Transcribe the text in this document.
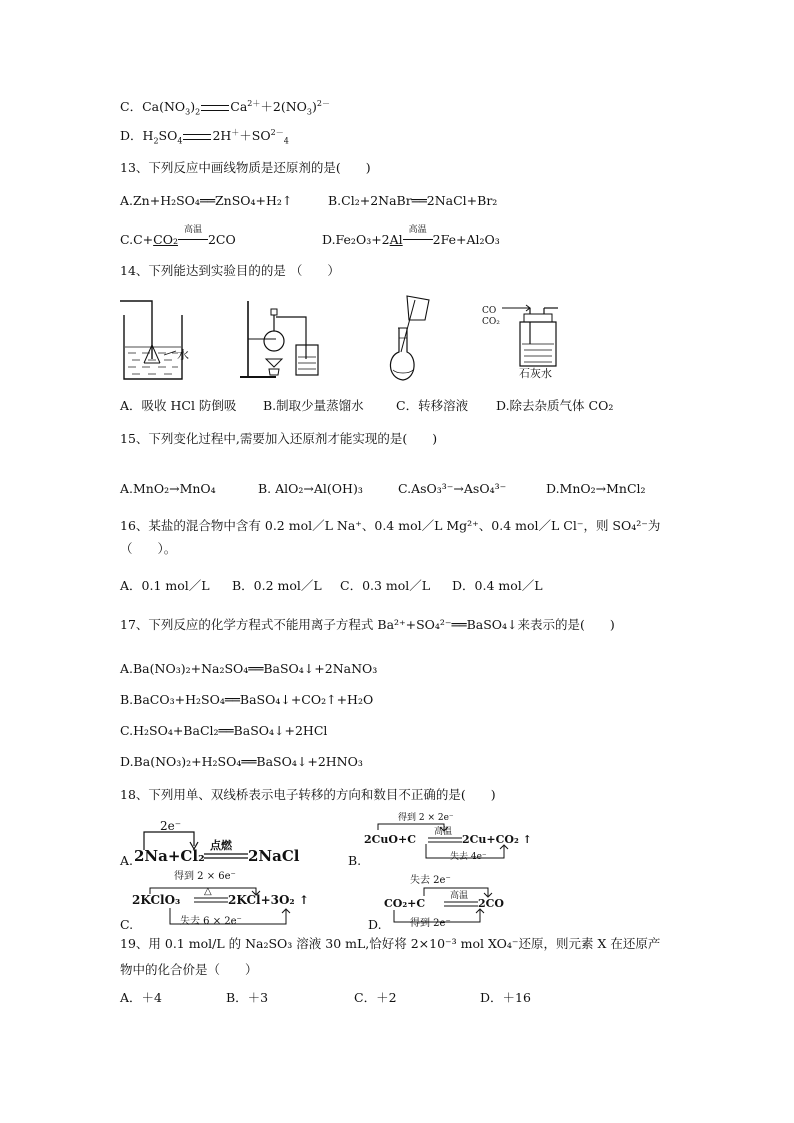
C．$Ca(NO_3)_2$ $Ca^{2+}+2(NO_3)^{2-}$
D．$H_2SO_4$ $2H^++SO^{2-}_4$
13、下列反应中画线物质是还原剂的是(　　)
A.Zn+H₂SO₄══ZnSO₄+H₂↑	B.Cl₂+2NaBr══2NaCl+Br₂
C.C+CO₂
高温
2CO	D.Fe₂O₃+2Al
高温
2Fe+Al₂O₃
14、下列能达到实验目的的是 （　　）
水
CO
CO₂
石灰水
A．吸收 HCl 防倒吸 B.制取少量蒸馏水	C．转移溶液 D.除去杂质气体 CO₂
15、下列变化过程中,需要加入还原剂才能实现的是(　　)
A.MnO₂→MnO₄	B. AlO₂→Al(OH)₃	C.AsO₃³⁻→AsO₄³⁻	D.MnO₂→MnCl₂
16、某盐的混合物中含有 0.2 mol／L Na⁺、0.4 mol／L Mg²⁺、0.4 mol／L Cl⁻，则 SO₄²⁻为
（　　）。
A．0.1 mol／L B．0.2 mol／L C．0.3 mol／L D．0.4 mol／L
17、下列反应的化学方程式不能用离子方程式 Ba²⁺+SO₄²⁻══BaSO₄↓来表示的是(　　)
A.Ba(NO₃)₂+Na₂SO₄══BaSO₄↓+2NaNO₃
B.BaCO₃+H₂SO₄══BaSO₄↓+CO₂↑+H₂O
C.H₂SO₄+BaCl₂══BaSO₄↓+2HCl
D.Ba(NO₃)₂+H₂SO₄══BaSO₄↓+2HNO₃
18、下列用单、双线桥表示电子转移的方向和数目不正确的是(　　)
A.
2e⁻
2Na+Cl₂
点燃
2NaCl	B.
得到 2 × 2e⁻
2CuO+C
高温
2Cu+CO₂ ↑
失去 4e⁻
C.
得到 2 × 6e⁻
2KClO₃
△
2KCl+3O₂ ↑
失去 6 × 2e⁻	D.
失去 2e⁻
CO₂+C
高温
2CO
得到 2e⁻
19、用 0.1 mol/L 的 Na₂SO₃ 溶液 30 mL,恰好将 2×10⁻³ mol XO₄⁻还原，则元素 X 在还原产
物中的化合价是（　　）
A．＋4	B．＋3	C．＋2	D．＋16
